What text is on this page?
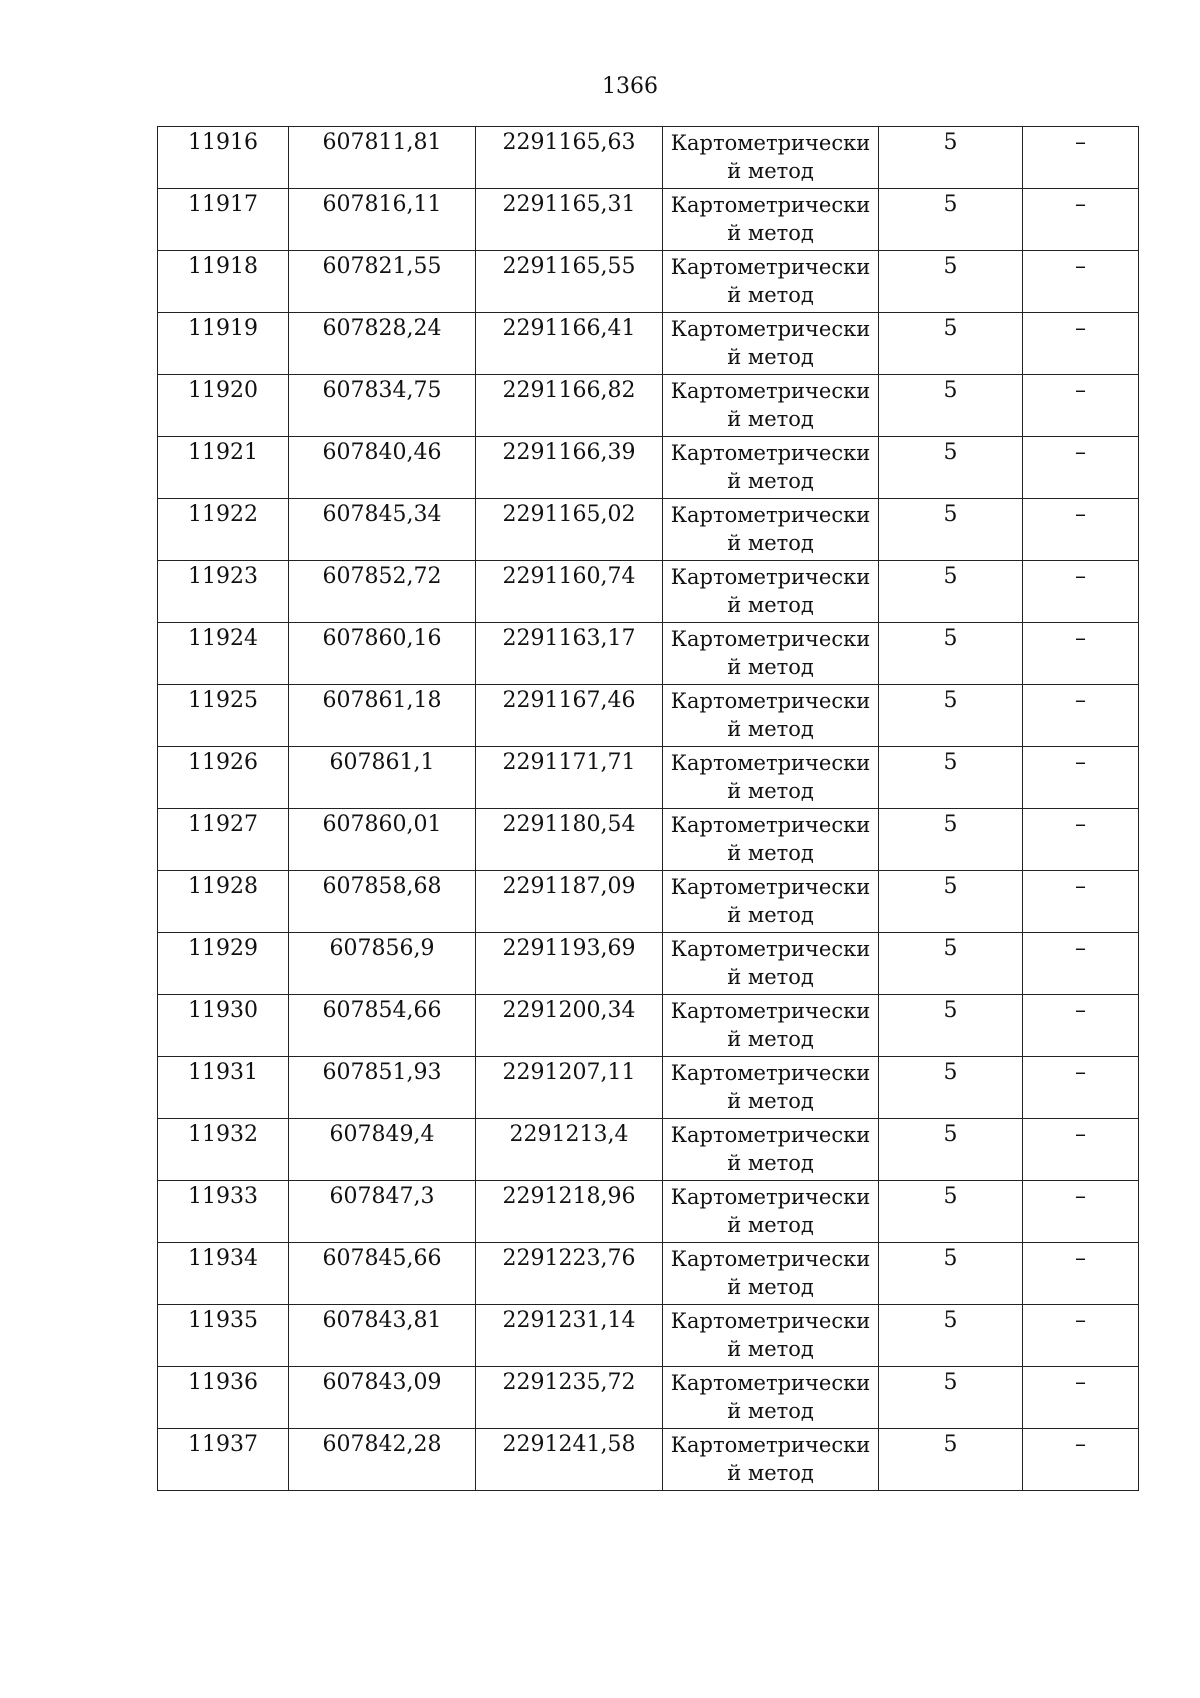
1366
11916	607811,81	2291165,63	Картометрически
й метод	5	–

11917	607816,11	2291165,31	Картометрически
й метод	5	–

11918	607821,55	2291165,55	Картометрически
й метод	5	–

11919	607828,24	2291166,41	Картометрически
й метод	5	–

11920	607834,75	2291166,82	Картометрически
й метод	5	–

11921	607840,46	2291166,39	Картометрически
й метод	5	–

11922	607845,34	2291165,02	Картометрически
й метод	5	–

11923	607852,72	2291160,74	Картометрически
й метод	5	–

11924	607860,16	2291163,17	Картометрически
й метод	5	–

11925	607861,18	2291167,46	Картометрически
й метод	5	–

11926	607861,1	2291171,71	Картометрически
й метод	5	–

11927	607860,01	2291180,54	Картометрически
й метод	5	–

11928	607858,68	2291187,09	Картометрически
й метод	5	–

11929	607856,9	2291193,69	Картометрически
й метод	5	–

11930	607854,66	2291200,34	Картометрически
й метод	5	–

11931	607851,93	2291207,11	Картометрически
й метод	5	–

11932	607849,4	2291213,4	Картометрически
й метод	5	–

11933	607847,3	2291218,96	Картометрически
й метод	5	–

11934	607845,66	2291223,76	Картометрически
й метод	5	–

11935	607843,81	2291231,14	Картометрически
й метод	5	–

11936	607843,09	2291235,72	Картометрически
й метод	5	–

11937	607842,28	2291241,58	Картометрически
й метод	5	–
